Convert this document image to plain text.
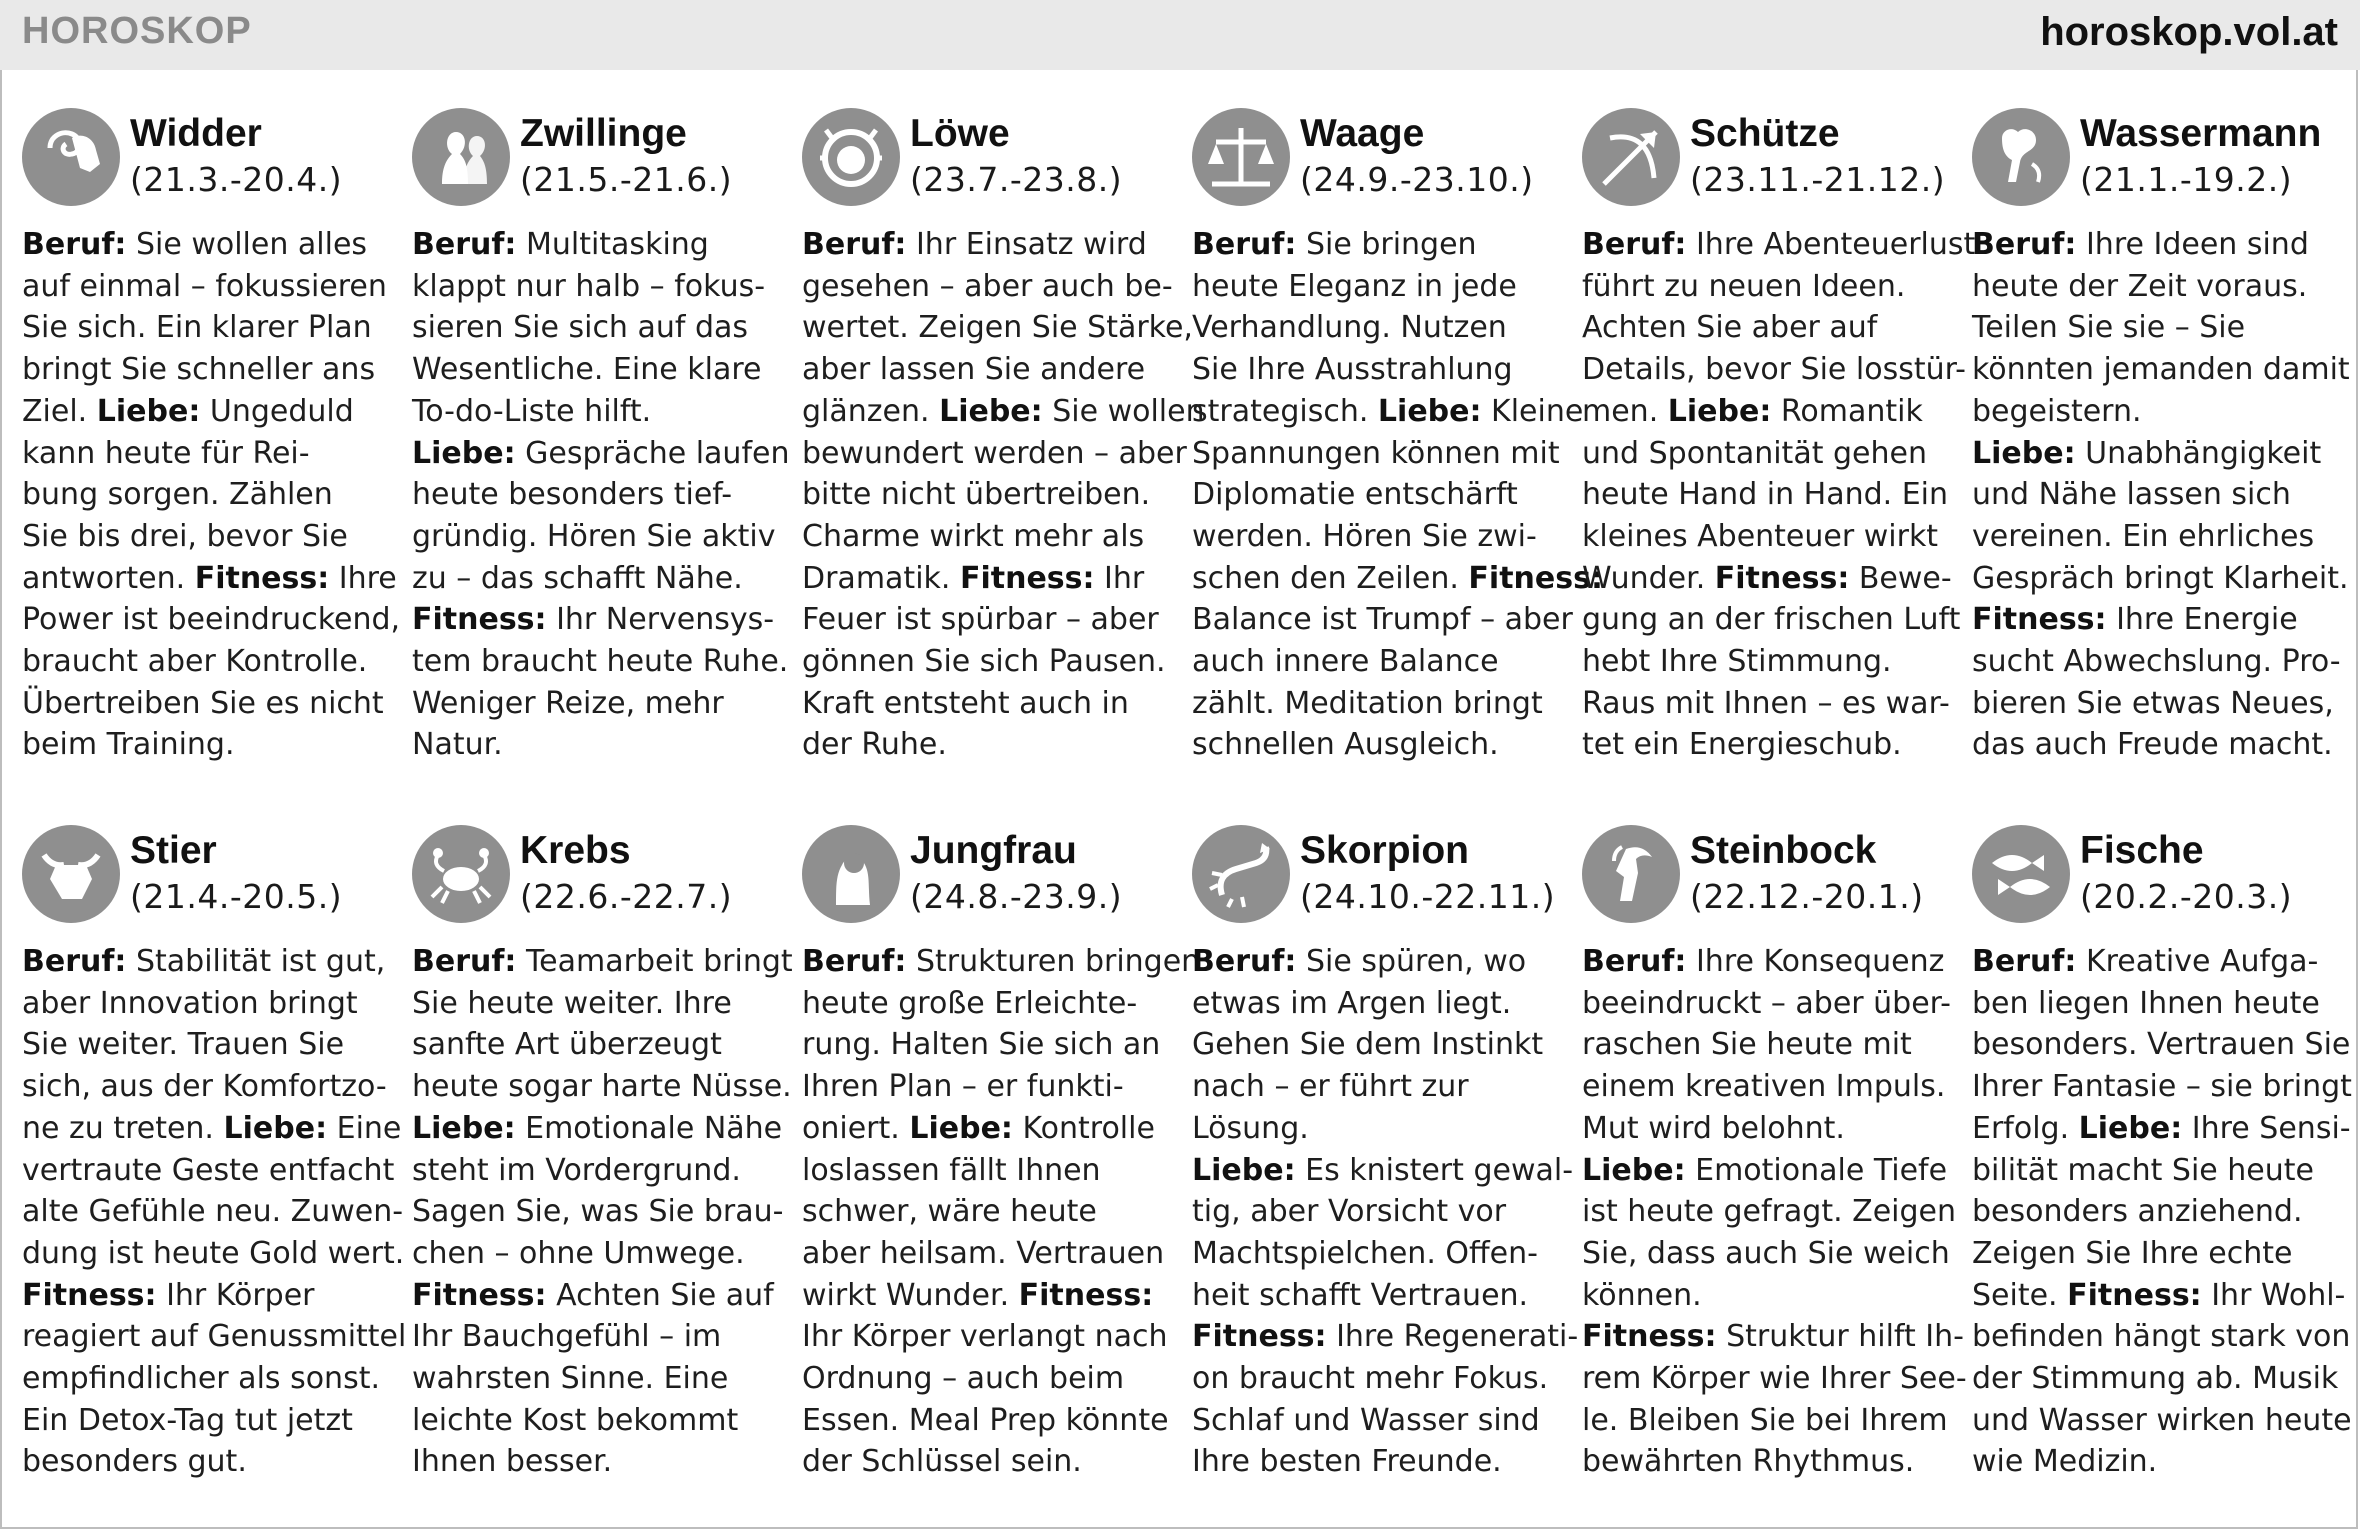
HOROSKOP	horoskop.vol.at
Widder
(21.3.-20.4.)
Beruf: Sie wollen alles
auf einmal – fokussieren
Sie sich. Ein klarer Plan
bringt Sie schneller ans
Ziel. Liebe: Ungeduld
kann heute für Rei-
bung sorgen. Zählen
Sie bis drei, bevor Sie
antworten. Fitness: Ihre
Power ist beeindruckend,
braucht aber Kontrolle.
Übertreiben Sie es nicht
beim Training.
Zwillinge
(21.5.-21.6.)
Beruf: Multitasking
klappt nur halb – fokus-
sieren Sie sich auf das
Wesentliche. Eine klare
To-do-Liste hilft.
Liebe: Gespräche laufen
heute besonders tief-
gründig. Hören Sie aktiv
zu – das schafft Nähe.
Fitness: Ihr Nervensys-
tem braucht heute Ruhe.
Weniger Reize, mehr
Natur.
Löwe
(23.7.-23.8.)
Beruf: Ihr Einsatz wird
gesehen – aber auch be-
wertet. Zeigen Sie Stärke,
aber lassen Sie andere
glänzen. Liebe: Sie wollen
bewundert werden – aber
bitte nicht übertreiben.
Charme wirkt mehr als
Dramatik. Fitness: Ihr
Feuer ist spürbar – aber
gönnen Sie sich Pausen.
Kraft entsteht auch in
der Ruhe.
Waage
(24.9.-23.10.)
Beruf: Sie bringen
heute Eleganz in jede
Verhandlung. Nutzen
Sie Ihre Ausstrahlung
strategisch. Liebe: Kleine
Spannungen können mit
Diplomatie entschärft
werden. Hören Sie zwi-
schen den Zeilen. Fitness:
Balance ist Trumpf – aber
auch innere Balance
zählt. Meditation bringt
schnellen Ausgleich.
Schütze
(23.11.-21.12.)
Beruf: Ihre Abenteuerlust
führt zu neuen Ideen.
Achten Sie aber auf
Details, bevor Sie losstür-
men. Liebe: Romantik
und Spontanität gehen
heute Hand in Hand. Ein
kleines Abenteuer wirkt
Wunder. Fitness: Bewe-
gung an der frischen Luft
hebt Ihre Stimmung.
Raus mit Ihnen – es war-
tet ein Energieschub.
Wassermann
(21.1.-19.2.)
Beruf: Ihre Ideen sind
heute der Zeit voraus.
Teilen Sie sie – Sie
könnten jemanden damit
begeistern.
Liebe: Unabhängigkeit
und Nähe lassen sich
vereinen. Ein ehrliches
Gespräch bringt Klarheit.
Fitness: Ihre Energie
sucht Abwechslung. Pro-
bieren Sie etwas Neues,
das auch Freude macht.
Stier
(21.4.-20.5.)
Beruf: Stabilität ist gut,
aber Innovation bringt
Sie weiter. Trauen Sie
sich, aus der Komfortzo-
ne zu treten. Liebe: Eine
vertraute Geste entfacht
alte Gefühle neu. Zuwen-
dung ist heute Gold wert.
Fitness: Ihr Körper
reagiert auf Genussmittel
empfindlicher als sonst.
Ein Detox-Tag tut jetzt
besonders gut.
Krebs
(22.6.-22.7.)
Beruf: Teamarbeit bringt
Sie heute weiter. Ihre
sanfte Art überzeugt
heute sogar harte Nüsse.
Liebe: Emotionale Nähe
steht im Vordergrund.
Sagen Sie, was Sie brau-
chen – ohne Umwege.
Fitness: Achten Sie auf
Ihr Bauchgefühl – im
wahrsten Sinne. Eine
leichte Kost bekommt
Ihnen besser.
Jungfrau
(24.8.-23.9.)
Beruf: Strukturen bringen
heute große Erleichte-
rung. Halten Sie sich an
Ihren Plan – er funkti-
oniert. Liebe: Kontrolle
loslassen fällt Ihnen
schwer, wäre heute
aber heilsam. Vertrauen
wirkt Wunder. Fitness:
Ihr Körper verlangt nach
Ordnung – auch beim
Essen. Meal Prep könnte
der Schlüssel sein.
Skorpion
(24.10.-22.11.)
Beruf: Sie spüren, wo
etwas im Argen liegt.
Gehen Sie dem Instinkt
nach – er führt zur
Lösung.
Liebe: Es knistert gewal-
tig, aber Vorsicht vor
Machtspielchen. Offen-
heit schafft Vertrauen.
Fitness: Ihre Regenerati-
on braucht mehr Fokus.
Schlaf und Wasser sind
Ihre besten Freunde.
Steinbock
(22.12.-20.1.)
Beruf: Ihre Konsequenz
beeindruckt – aber über-
raschen Sie heute mit
einem kreativen Impuls.
Mut wird belohnt.
Liebe: Emotionale Tiefe
ist heute gefragt. Zeigen
Sie, dass auch Sie weich
können.
Fitness: Struktur hilft Ih-
rem Körper wie Ihrer See-
le. Bleiben Sie bei Ihrem
bewährten Rhythmus.
Fische
(20.2.-20.3.)
Beruf: Kreative Aufga-
ben liegen Ihnen heute
besonders. Vertrauen Sie
Ihrer Fantasie – sie bringt
Erfolg. Liebe: Ihre Sensi-
bilität macht Sie heute
besonders anziehend.
Zeigen Sie Ihre echte
Seite. Fitness: Ihr Wohl-
befinden hängt stark von
der Stimmung ab. Musik
und Wasser wirken heute
wie Medizin.
